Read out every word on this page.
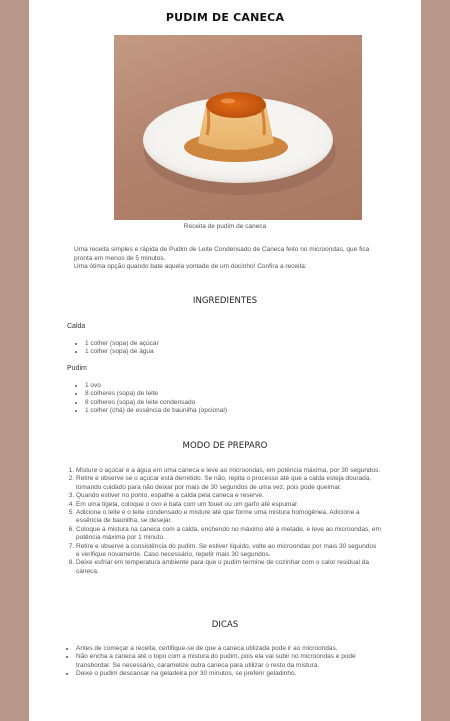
PUDIM DE CANECA
Receita de pudim de caneca

Uma receita simples e rápida de Pudim de Leite Condensado de Caneca feito no microondas, que fica pronta em menos de 5 minutos.

Uma ótima opção quando bate aquela vontade de um docinho! Confira a receita:

INGREDIENTES
Calda
• 1 colher (sopa) de açúcar
• 1 colher (sopa) de água
Pudim
• 1 ovo
• 8 colheres (sopa) de leite
• 8 colheres (sopa) de leite condensado
• 1 colher (chá) de essência de baunilha (opcional)
MODO DE PREPARO
1. Misture o açúcar e a água em uma caneca e leve ao microondas, em potência máxima, por 30 segundos.
2. Retire e observe se o açúcar está derretido. Se não, repita o processo até que a calda esteja dourada, tomando cuidado para não deixar por mais de 30 segundos de uma vez, pois pode queimar.
3. Quando estiver no ponto, espalhe a calda pela caneca e reserve.
4. Em uma tigela, coloque o ovo e bata com um fouet ou um garfo até espumar.
5. Adicione o leite e o leite condensado e misture até que forme uma mistura homogênea. Adicione a essência de baunilha, se desejar.
6. Coloque a mistura na caneca com a calda, enchendo no máximo até a metade, e leve ao microondas, em potência máxima por 1 minuto.
7. Retire e observe a consistência do pudim. Se estiver líquido, volte ao microondas por mais 30 segundos e verifique novamente. Caso necessário, repetir mais 30 segundos.
8. Deixe esfriar em temperatura ambiente para que o pudim termine de cozinhar com o calor residual da caneca.
DICAS
• Antes de começar a receita, certifique-se de que a caneca utilizada pode ir ao microondas.
• Não encha a caneca até o topo com a mistura do pudim, pois ela vai subir no microondas e pode transbordar. Se necessário, caramelize outra caneca para utilizar o resto da mistura.
• Deixe o pudim descansar na geladeira por 30 minutos, se preferir geladinho.
